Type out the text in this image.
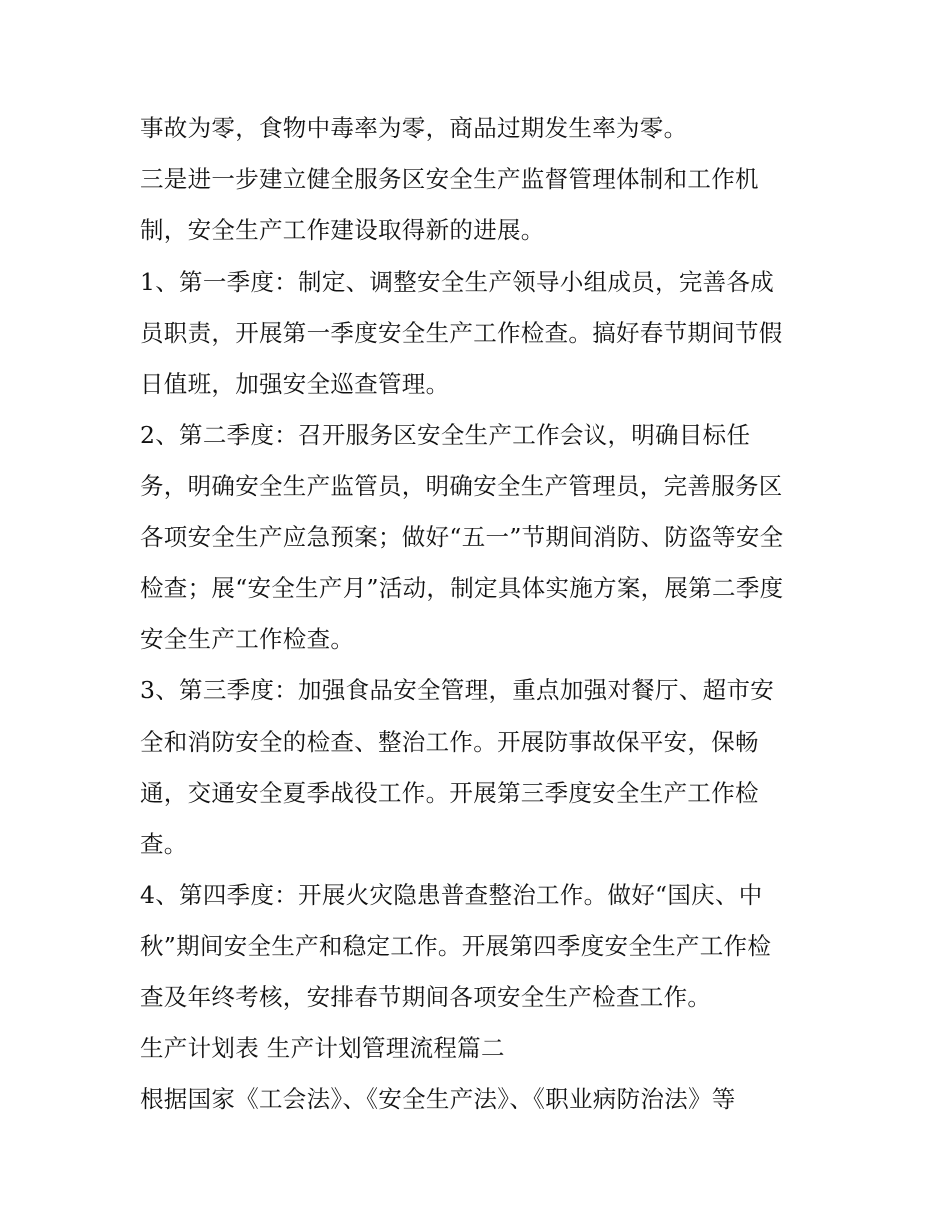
事故为零，食物中毒率为零，商品过期发生率为零。
三是进一步建立健全服务区安全生产监督管理体制和工作机
制，安全生产工作建设取得新的进展。
1、第一季度：制定、调整安全生产领导小组成员，完善各成
员职责，开展第一季度安全生产工作检查。搞好春节期间节假
日值班，加强安全巡查管理。
2、第二季度：召开服务区安全生产工作会议，明确目标任
务，明确安全生产监管员，明确安全生产管理员，完善服务区
各项安全生产应急预案；做好“五一”节期间消防、防盗等安全
检查；展“安全生产月”活动，制定具体实施方案，展第二季度
安全生产工作检查。
3、第三季度：加强食品安全管理，重点加强对餐厅、超市安
全和消防安全的检查、整治工作。开展防事故保平安，保畅
通，交通安全夏季战役工作。开展第三季度安全生产工作检
查。
4、第四季度：开展火灾隐患普查整治工作。做好“国庆、中
秋”期间安全生产和稳定工作。开展第四季度安全生产工作检
查及年终考核，安排春节期间各项安全生产检查工作。
生产计划表 生产计划管理流程篇二
根据国家《工会法》、《安全生产法》、《职业病防治法》等
